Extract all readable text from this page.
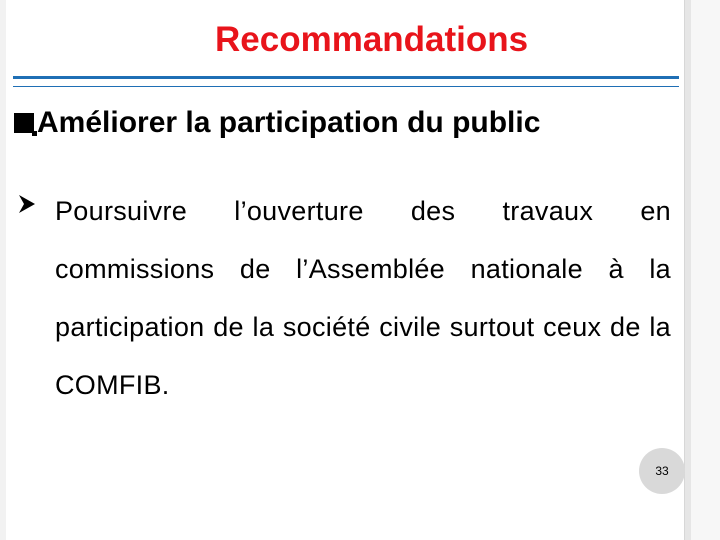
Recommandations
Améliorer la participation du public
Poursuivre l’ouverture des travaux en commissions de l’Assemblée nationale à la participation de la société civile surtout ceux de la COMFIB.
33
